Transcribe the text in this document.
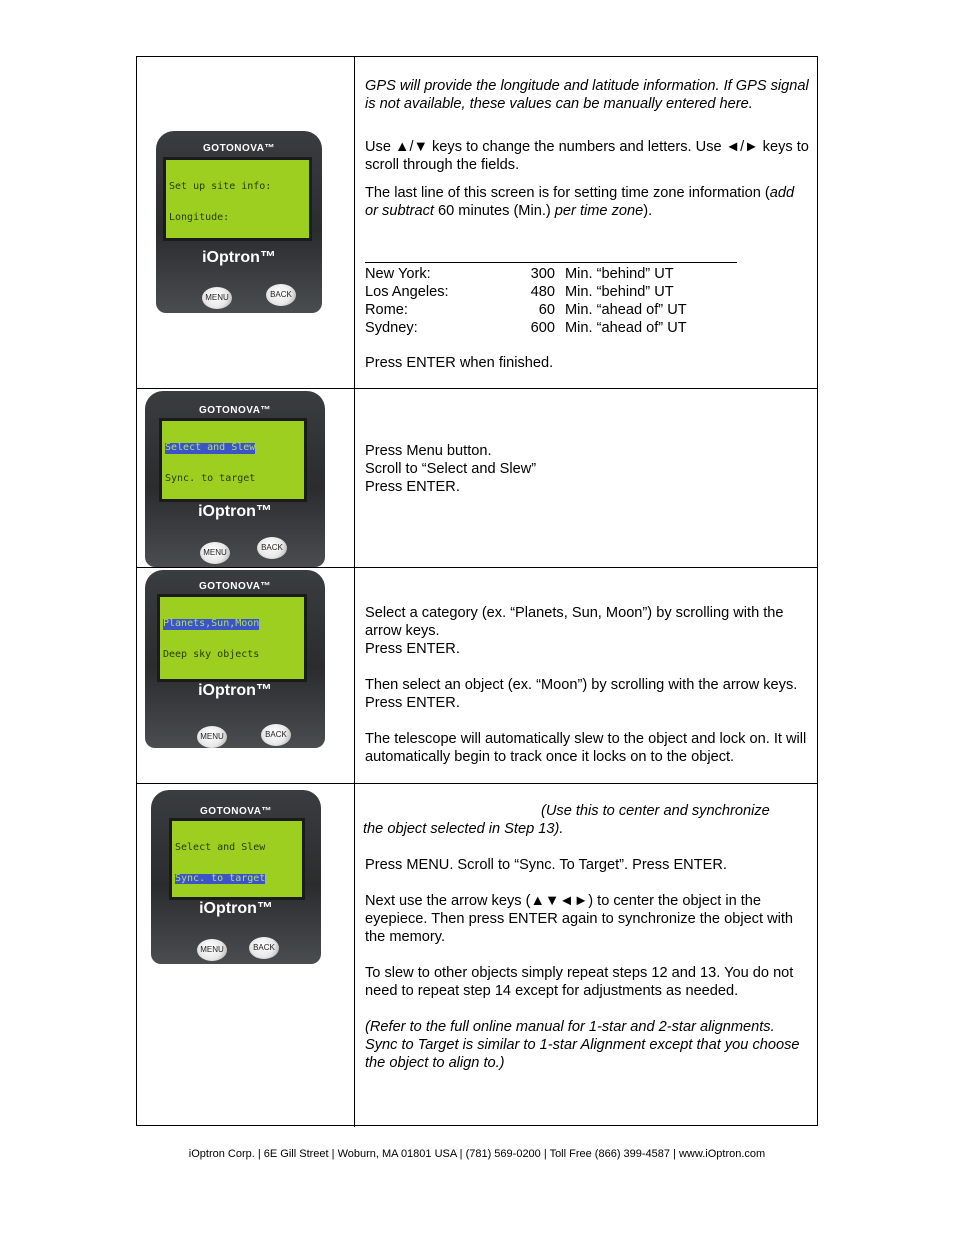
GOTONOVA™

Set up site info:

Longitude:

iOptron™
MENU	BACK
GPS will provide the longitude and latitude information. If GPS signal is not available, these values can be manually entered here.
Use ▲/▼ keys to change the numbers and letters. Use ◄/► keys to scroll through the fields.
The last line of this screen is for setting time zone information (add or subtract 60 minutes (Min.) per time zone).
New York:	300 Min. “behind” UT
Los Angeles:	480 Min. “behind” UT
Rome:	60 Min. “ahead of” UT
Sydney:	600 Min. “ahead of” UT
Press ENTER when finished.
GOTONOVA™

Select and Slew

Sync. to target

iOptron™
MENU
BACK

Press Menu button.

Scroll to “Select and Slew”

Press ENTER.

GOTONOVA™

Planets,Sun,Moon

Deep sky objects

iOptron™
MENU	BACK

Select a category (ex. “Planets, Sun, Moon”) by scrolling with the arrow keys.

Press ENTER.

Then select an object (ex. “Moon”) by scrolling with the arrow keys. Press ENTER.

The telescope will automatically slew to the object and lock on. It will automatically begin to track once it locks on to the object.

GOTONOVA™

Select and Slew

Sync. to target

iOptron™
MENU	BACK
(Use this to center and synchronize
the object selected in Step 13).
Press MENU. Scroll to “Sync. To Target”. Press ENTER.
Next use the arrow keys (▲▼◄►) to center the object in the eyepiece. Then press ENTER again to synchronize the object with the memory.
To slew to other objects simply repeat steps 12 and 13. You do not need to repeat step 14 except for adjustments as needed.
(Refer to the full online manual for 1-star and 2-star alignments. Sync to Target is similar to 1-star Alignment except that you choose the object to align to.)
iOptron Corp. | 6E Gill Street | Woburn, MA 01801 USA | (781) 569-0200 | Toll Free (866) 399-4587 | www.iOptron.com
